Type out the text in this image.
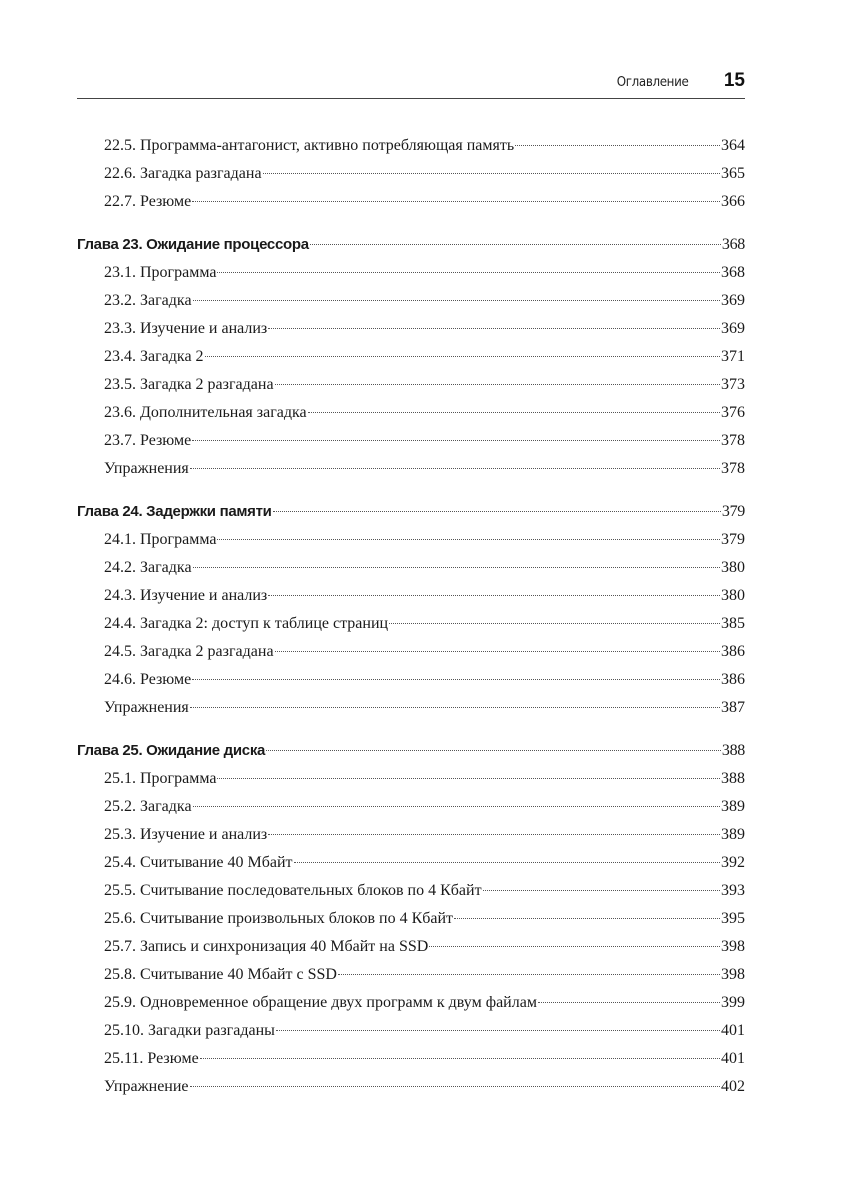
Оглавление 15
22.5. Программа-антагонист, активно потребляющая память	364
22.6. Загадка разгадана	365
22.7. Резюме	366
Глава 23. Ожидание процессора	368
23.1. Программа	368
23.2. Загадка	369
23.3. Изучение и анализ	369
23.4. Загадка 2	371
23.5. Загадка 2 разгадана	373
23.6. Дополнительная загадка	376
23.7. Резюме	378
Упражнения	378
Глава 24. Задержки памяти	379
24.1. Программа	379
24.2. Загадка	380
24.3. Изучение и анализ	380
24.4. Загадка 2: доступ к таблице страниц	385
24.5. Загадка 2 разгадана	386
24.6. Резюме	386
Упражнения	387
Глава 25. Ожидание диска	388
25.1. Программа	388
25.2. Загадка	389
25.3. Изучение и анализ	389
25.4. Считывание 40 Мбайт	392
25.5. Считывание последовательных блоков по 4 Кбайт	393
25.6. Считывание произвольных блоков по 4 Кбайт	395
25.7. Запись и синхронизация 40 Мбайт на SSD	398
25.8. Считывание 40 Мбайт с SSD	398
25.9. Одновременное обращение двух программ к двум файлам	399
25.10. Загадки разгаданы	401
25.11. Резюме	401
Упражнение	402
